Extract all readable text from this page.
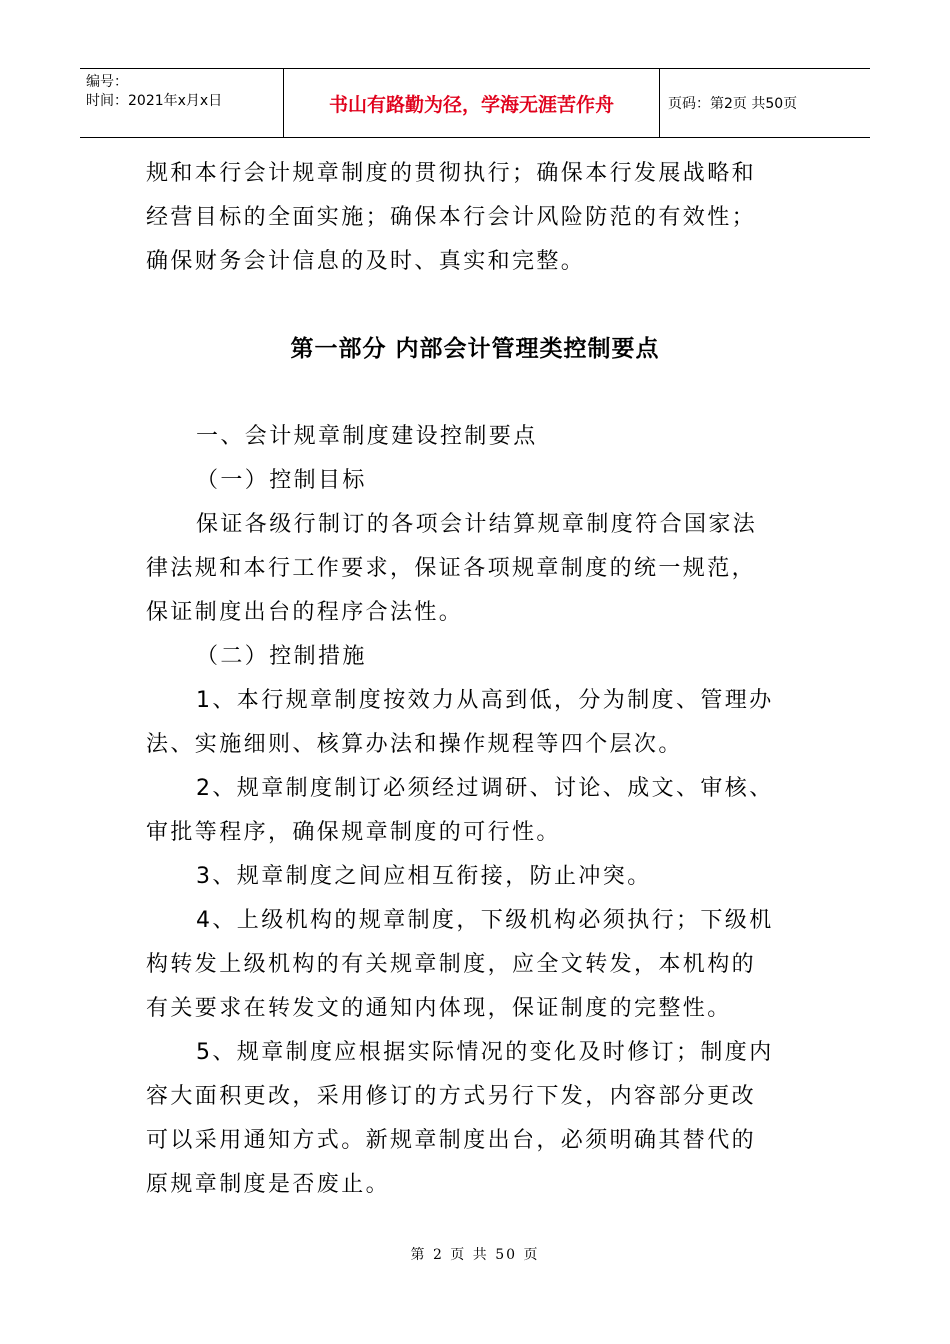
编号：
时间：2021年x月x日	书山有路勤为径，学海无涯苦作舟	页码：第2页 共50页
规和本行会计规章制度的贯彻执行；确保本行发展战略和
经营目标的全面实施；确保本行会计风险防范的有效性；
确保财务会计信息的及时、真实和完整。
第一部分 内部会计管理类控制要点
一、会计规章制度建设控制要点
（一）控制目标
保证各级行制订的各项会计结算规章制度符合国家法
律法规和本行工作要求，保证各项规章制度的统一规范，
保证制度出台的程序合法性。
（二）控制措施
1、本行规章制度按效力从高到低，分为制度、管理办
法、实施细则、核算办法和操作规程等四个层次。
2、规章制度制订必须经过调研、讨论、成文、审核、
审批等程序，确保规章制度的可行性。
3、规章制度之间应相互衔接，防止冲突。
4、上级机构的规章制度，下级机构必须执行；下级机
构转发上级机构的有关规章制度，应全文转发，本机构的
有关要求在转发文的通知内体现，保证制度的完整性。
5、规章制度应根据实际情况的变化及时修订；制度内
容大面积更改，采用修订的方式另行下发，内容部分更改
可以采用通知方式。新规章制度出台，必须明确其替代的
原规章制度是否废止。
第 2 页 共 50 页
